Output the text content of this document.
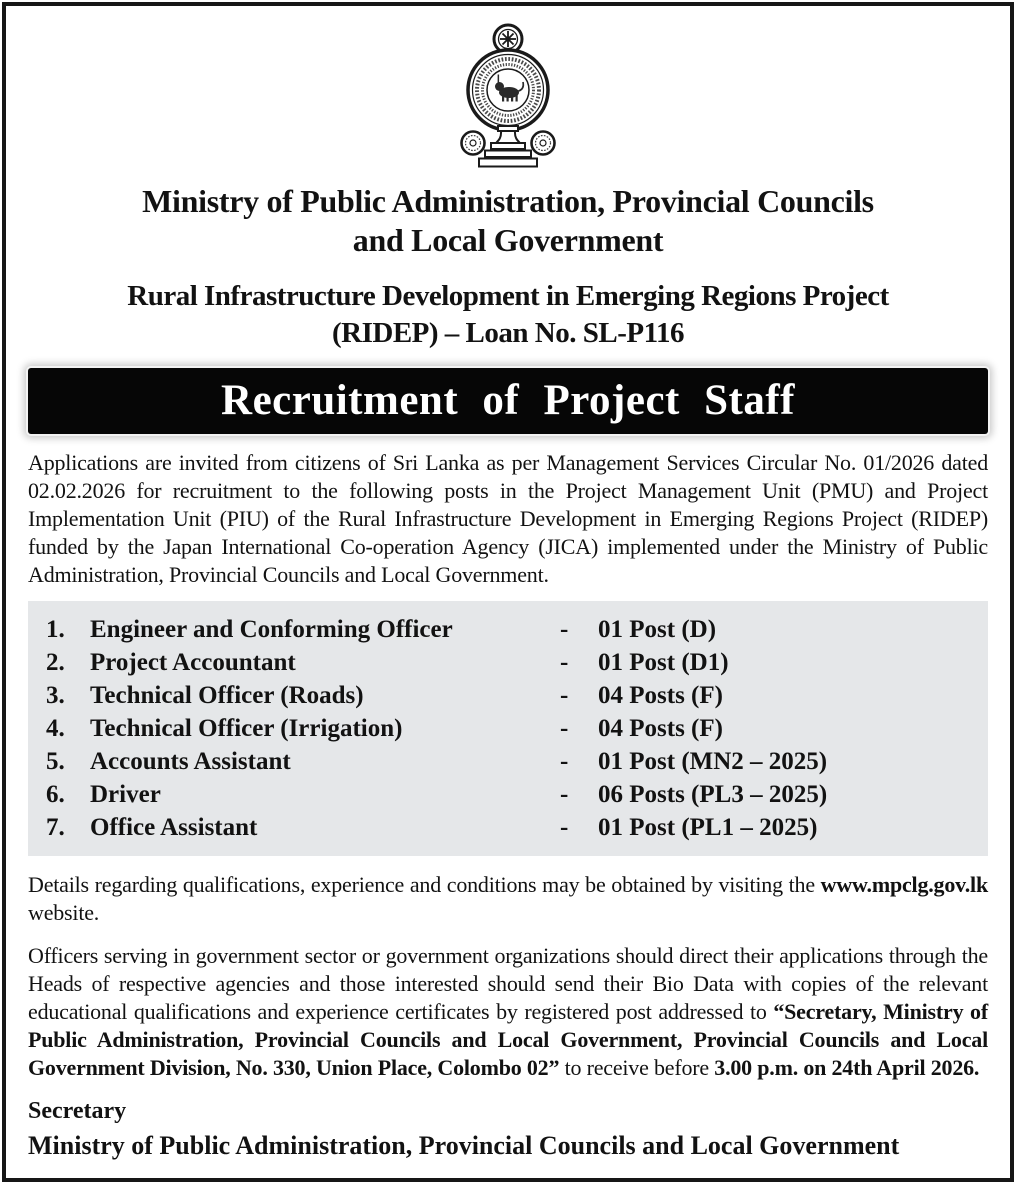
Ministry of Public Administration, Provincial Councils
and Local Government
Rural Infrastructure Development in Emerging Regions Project
(RIDEP) – Loan No. SL-P116
Recruitment of Project Staff
Applications are invited from citizens of Sri Lanka as per Management Services Circular No. 01/2026 dated 02.02.2026 for recruitment to the following posts in the Project Management Unit (PMU) and Project Implementation Unit (PIU) of the Rural Infrastructure Development in Emerging Regions Project (RIDEP) funded by the Japan International Co-operation Agency (JICA) implemented under the Ministry of Public Administration, Provincial Councils and Local Government.
1.	Engineer and Conforming Officer	-	01 Post (D)
2.	Project Accountant	-	01 Post (D1)
3.	Technical Officer (Roads)	-	04 Posts (F)
4.	Technical Officer (Irrigation)	-	04 Posts (F)
5.	Accounts Assistant	-	01 Post (MN2 – 2025)
6.	Driver	-	06 Posts (PL3 – 2025)
7.	Office Assistant	-	01 Post (PL1 – 2025)
Details regarding qualifications, experience and conditions may be obtained by visiting the www.mpclg.gov.lk website.
Officers serving in government sector or government organizations should direct their applications through the Heads of respective agencies and those interested should send their Bio Data with copies of the relevant educational qualifications and experience certificates by registered post addressed to “Secretary, Ministry of Public Administration, Provincial Councils and Local Government, Provincial Councils and Local Government Division, No. 330, Union Place, Colombo 02” to receive before 3.00 p.m. on 24th April 2026.
Secretary
Ministry of Public Administration, Provincial Councils and Local Government
